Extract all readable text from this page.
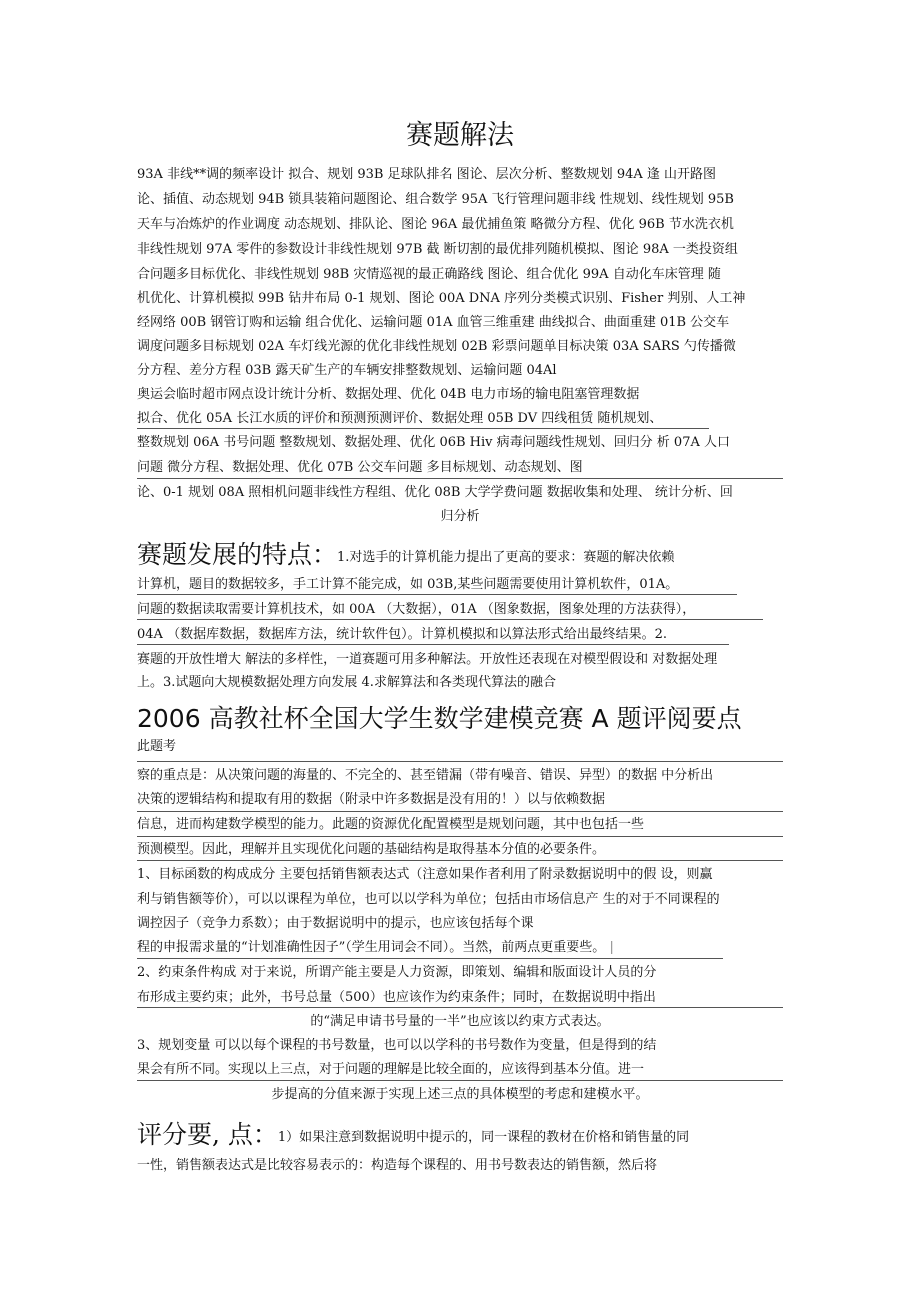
赛题解法
93A 非线**调的频率设计 拟合、规划 93B 足球队排名 图论、层次分析、整数规划 94A 逢 山开路图
论、插值、动态规划 94B 锁具装箱问题图论、组合数学 95A 飞行管理问题非线 性规划、线性规划 95B
天车与冶炼炉的作业调度 动态规划、排队论、图论 96A 最优捕鱼策 略微分方程、优化 96B 节水洗衣机
非线性规划 97A 零件的参数设计非线性规划 97B 截 断切割的最优排列随机模拟、图论 98A 一类投资组
合问题多目标优化、非线性规划 98B 灾情巡视的最正确路线 图论、组合优化 99A 自动化车床管理 随
机优化、计算机模拟 99B 钻井布局 0-1 规划、图论 00A DNA 序列分类模式识别、Fisher 判别、人工神
经网络 00B 钢管订购和运输 组合优化、运输问题 01A 血管三维重建 曲线拟合、曲面重建 01B 公交车
调度问题多目标规划 02A 车灯线光源的优化非线性规划 02B 彩票问题单目标决策 03A SARS 勺传播微
分方程、差分方程 03B 露天矿生产的车辆安排整数规划、运输问题 04Al
奥运会临时超市网点设计统计分析、数据处理、优化 04B 电力市场的输电阻塞管理数据
拟合、优化 05A 长江水质的评价和预测预测评价、数据处理 05B DV 四线租赁 随机规划、
整数规划 06A 书号问题 整数规划、数据处理、优化 06B Hiv 病毒问题线性规划、回归分 析 07A 人口
问题 微分方程、数据处理、优化 07B 公交车问题 多目标规划、动态规划、图
论、0-1 规划 08A 照相机问题非线性方程组、优化 08B 大学学费问题 数据收集和处理、 统计分析、回
归分析
赛题发展的特点：1.对选手的计算机能力提出了更高的要求：赛题的解决依赖
计算机，题目的数据较多，手工计算不能完成，如 03B,某些问题需要使用计算机软件，01A。
问题的数据读取需要计算机技术，如 00A （大数据），01A （图象数据，图象处理的方法获得），
04A （数据库数据，数据库方法，统计软件包）。计算机模拟和以算法形式给出最终结果。2.
赛题的开放性增大 解法的多样性，一道赛题可用多种解法。开放性还表现在对模型假设和 对数据处理
上。3.试题向大规模数据处理方向发展 4.求解算法和各类现代算法的融合
2006 高教社杯全国大学生数学建模竞赛 A 题评阅要点
此题考
察的重点是：从决策问题的海量的、不完全的、甚至错漏（带有噪音、错误、异型）的数据 中分析出
决策的逻辑结构和提取有用的数据（附录中许多数据是没有用的！）以与依赖数据
信息，进而构建数学模型的能力。此题的资源优化配置模型是规划问题，其中也包括一些
预测模型。因此，理解并且实现优化问题的基础结构是取得基本分值的必要条件。
1、目标函数的构成成分 主要包括销售额表达式（注意如果作者利用了附录数据说明中的假 设，则赢
利与销售额等价），可以以课程为单位，也可以以学科为单位；包括由市场信息产 生的对于不同课程的
调控因子（竞争力系数）；由于数据说明中的提示，也应该包括每个课
程的申报需求量的“计划准确性因子”（学生用词会不同）。当然，前两点更重要些。 |
2、约束条件构成 对于来说，所谓产能主要是人力资源，即策划、编辑和版面设计人员的分
布形成主要约束；此外，书号总量（500）也应该作为约束条件；同时，在数据说明中指出
的“满足申请书号量的一半”也应该以约束方式表达。
3、规划变量 可以以每个课程的书号数量，也可以以学科的书号数作为变量，但是得到的结
果会有所不同。实现以上三点，对于问题的理解是比较全面的，应该得到基本分值。进一
步提高的分值来源于实现上述三点的具体模型的考虑和建模水平。
评分要, 点：1）如果注意到数据说明中提示的，同一课程的教材在价格和销售量的同
一性，销售额表达式是比较容易表示的：构造每个课程的、用书号数表达的销售额，然后将
